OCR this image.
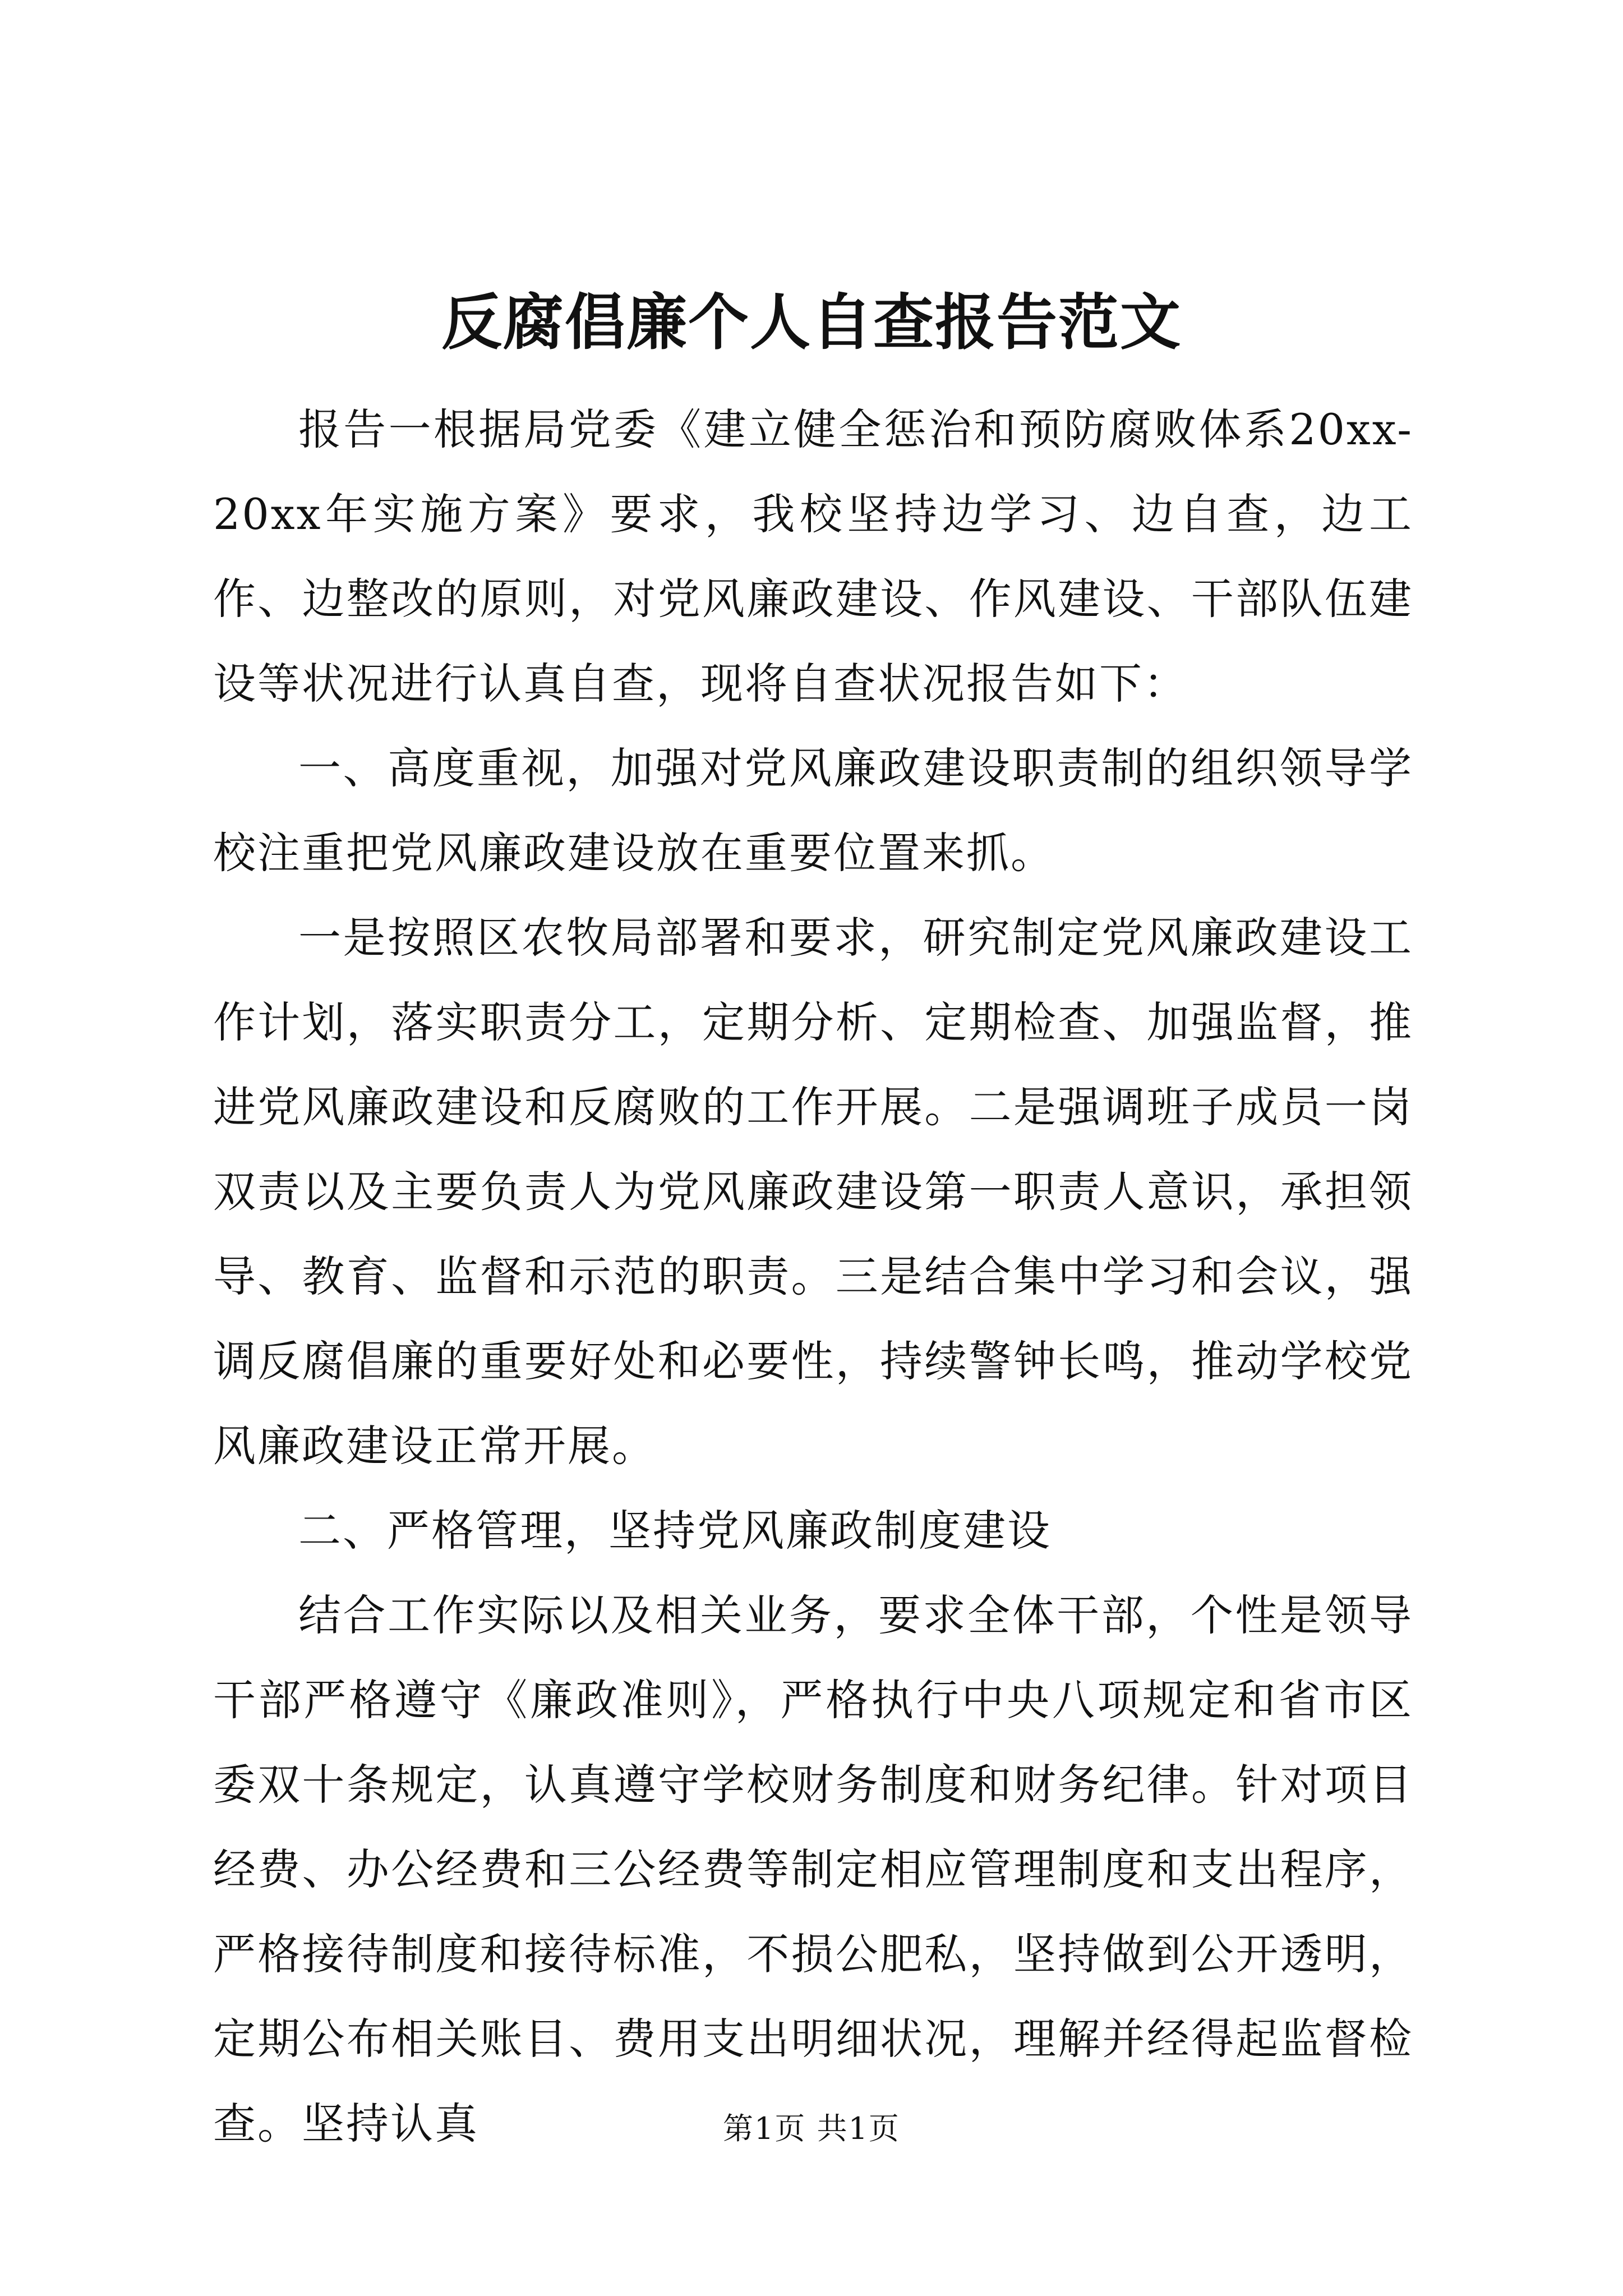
反腐倡廉个人自查报告范文

报告一根据局党委《建立健全惩治和预防腐败体系20xx-20xx年实施方案》要求，我校坚持边学习、边自查，边工作、边整改的原则，对党风廉政建设、作风建设、干部队伍建设等状况进行认真自查，现将自查状况报告如下：

一、高度重视，加强对党风廉政建设职责制的组织领导学校注重把党风廉政建设放在重要位置来抓。

一是按照区农牧局部署和要求，研究制定党风廉政建设工作计划，落实职责分工，定期分析、定期检查、加强监督，推进党风廉政建设和反腐败的工作开展。二是强调班子成员一岗双责以及主要负责人为党风廉政建设第一职责人意识，承担领导、教育、监督和示范的职责。三是结合集中学习和会议，强调反腐倡廉的重要好处和必要性，持续警钟长鸣，推动学校党风廉政建设正常开展。

二、严格管理，坚持党风廉政制度建设

结合工作实际以及相关业务，要求全体干部，个性是领导干部严格遵守《廉政准则》，严格执行中央八项规定和省市区委双十条规定，认真遵守学校财务制度和财务纪律。针对项目经费、办公经费和三公经费等制定相应管理制度和支出程序，严格接待制度和接待标准，不损公肥私，坚持做到公开透明，定期公布相关账目、费用支出明细状况，理解并经得起监督检查。坚持认真	第1页 共1页
